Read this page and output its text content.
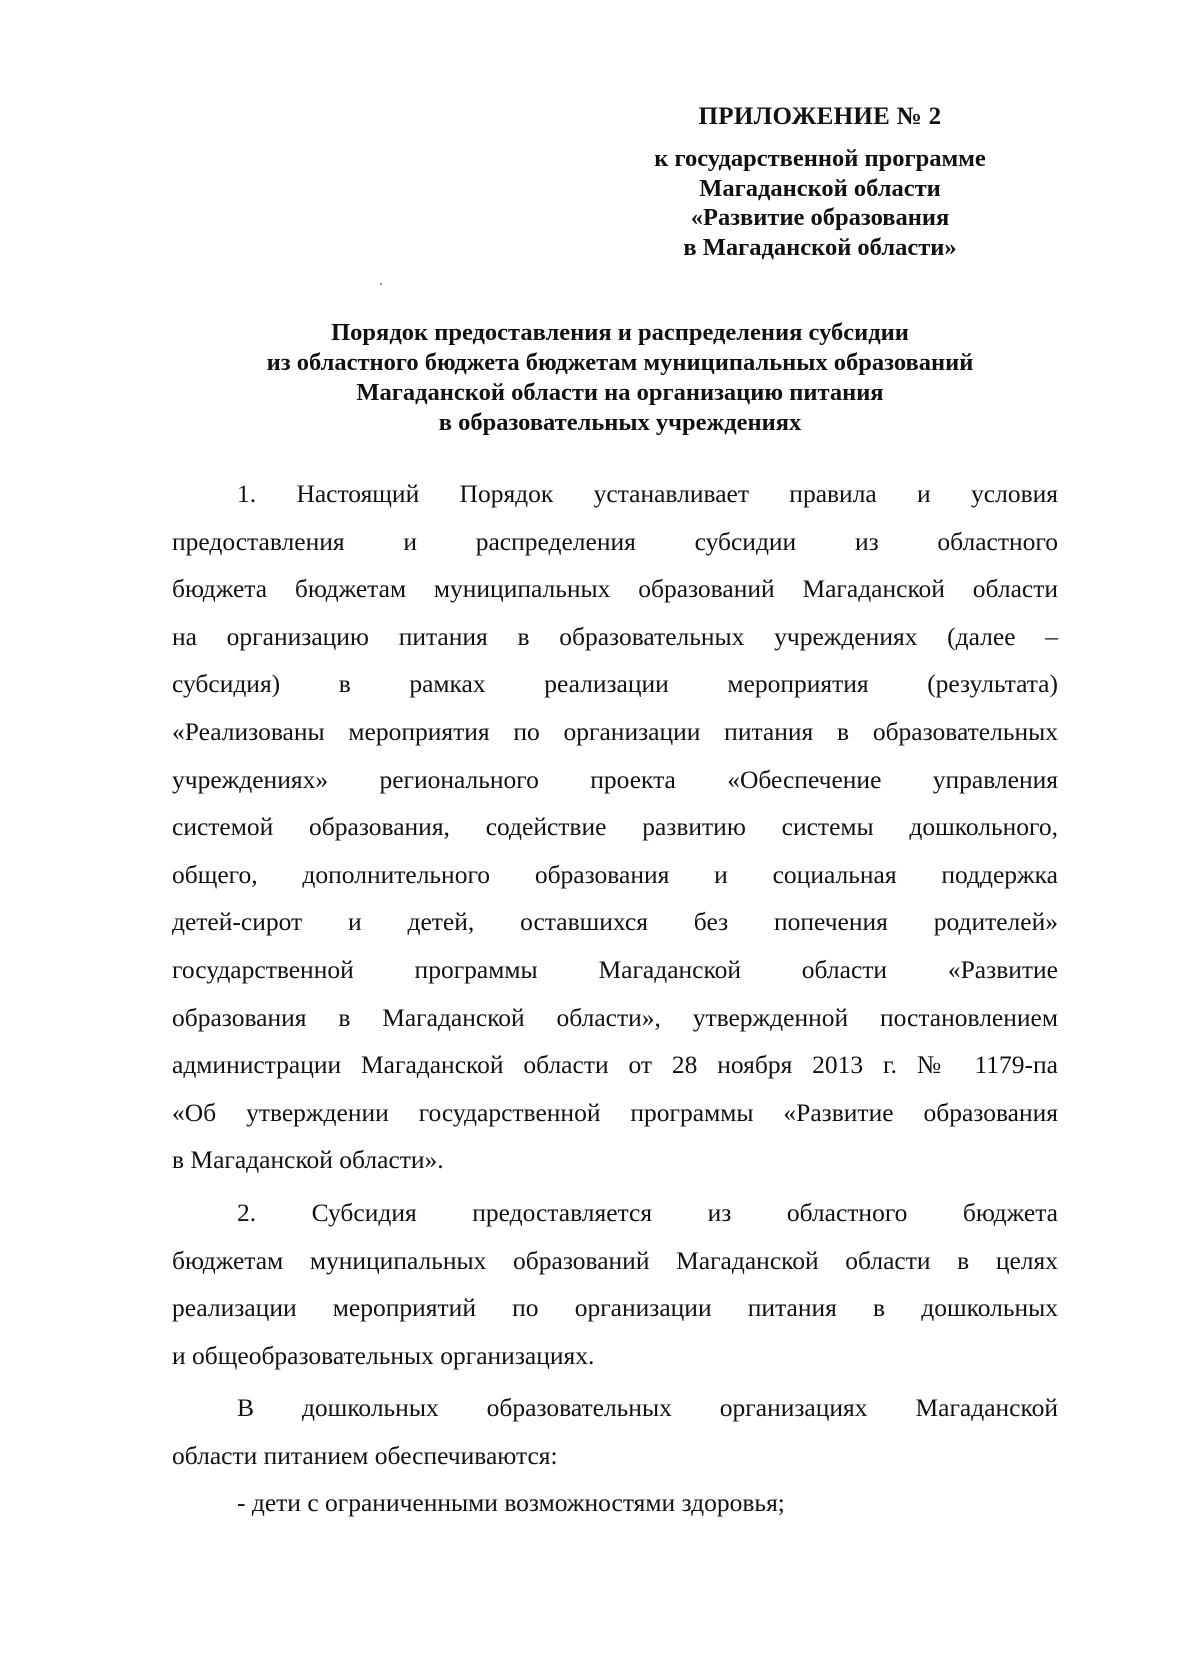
ПРИЛОЖЕНИЕ № 2
к государственной программе
Магаданской области
«Развитие образования
в Магаданской области»
Порядок предоставления и распределения субсидии
из областного бюджета бюджетам муниципальных образований
Магаданской области на организацию питания
в образовательных учреждениях

1. Настоящий Порядок устанавливает правила и условия
предоставления и распределения субсидии из областного
бюджета бюджетам муниципальных образований Магаданской области
на организацию питания в образовательных учреждениях (далее –
субсидия) в рамках реализации мероприятия (результата)
«Реализованы мероприятия по организации питания в образовательных
учреждениях» регионального проекта «Обеспечение управления
системой образования, содействие развитию системы дошкольного,
общего, дополнительного образования и социальная поддержка
детей-сирот и детей, оставшихся без попечения родителей»
государственной программы Магаданской области «Развитие
образования в Магаданской области», утвержденной постановлением
администрации Магаданской области от 28 ноября 2013 г. № 1179-па
«Об утверждении государственной программы «Развитие образования
в Магаданской области».

2. Субсидия предоставляется из областного бюджета
бюджетам муниципальных образований Магаданской области в целях
реализации мероприятий по организации питания в дошкольных
и общеобразовательных организациях.

В дошкольных образовательных организациях Магаданской
области питанием обеспечиваются:

- дети с ограниченными возможностями здоровья;
